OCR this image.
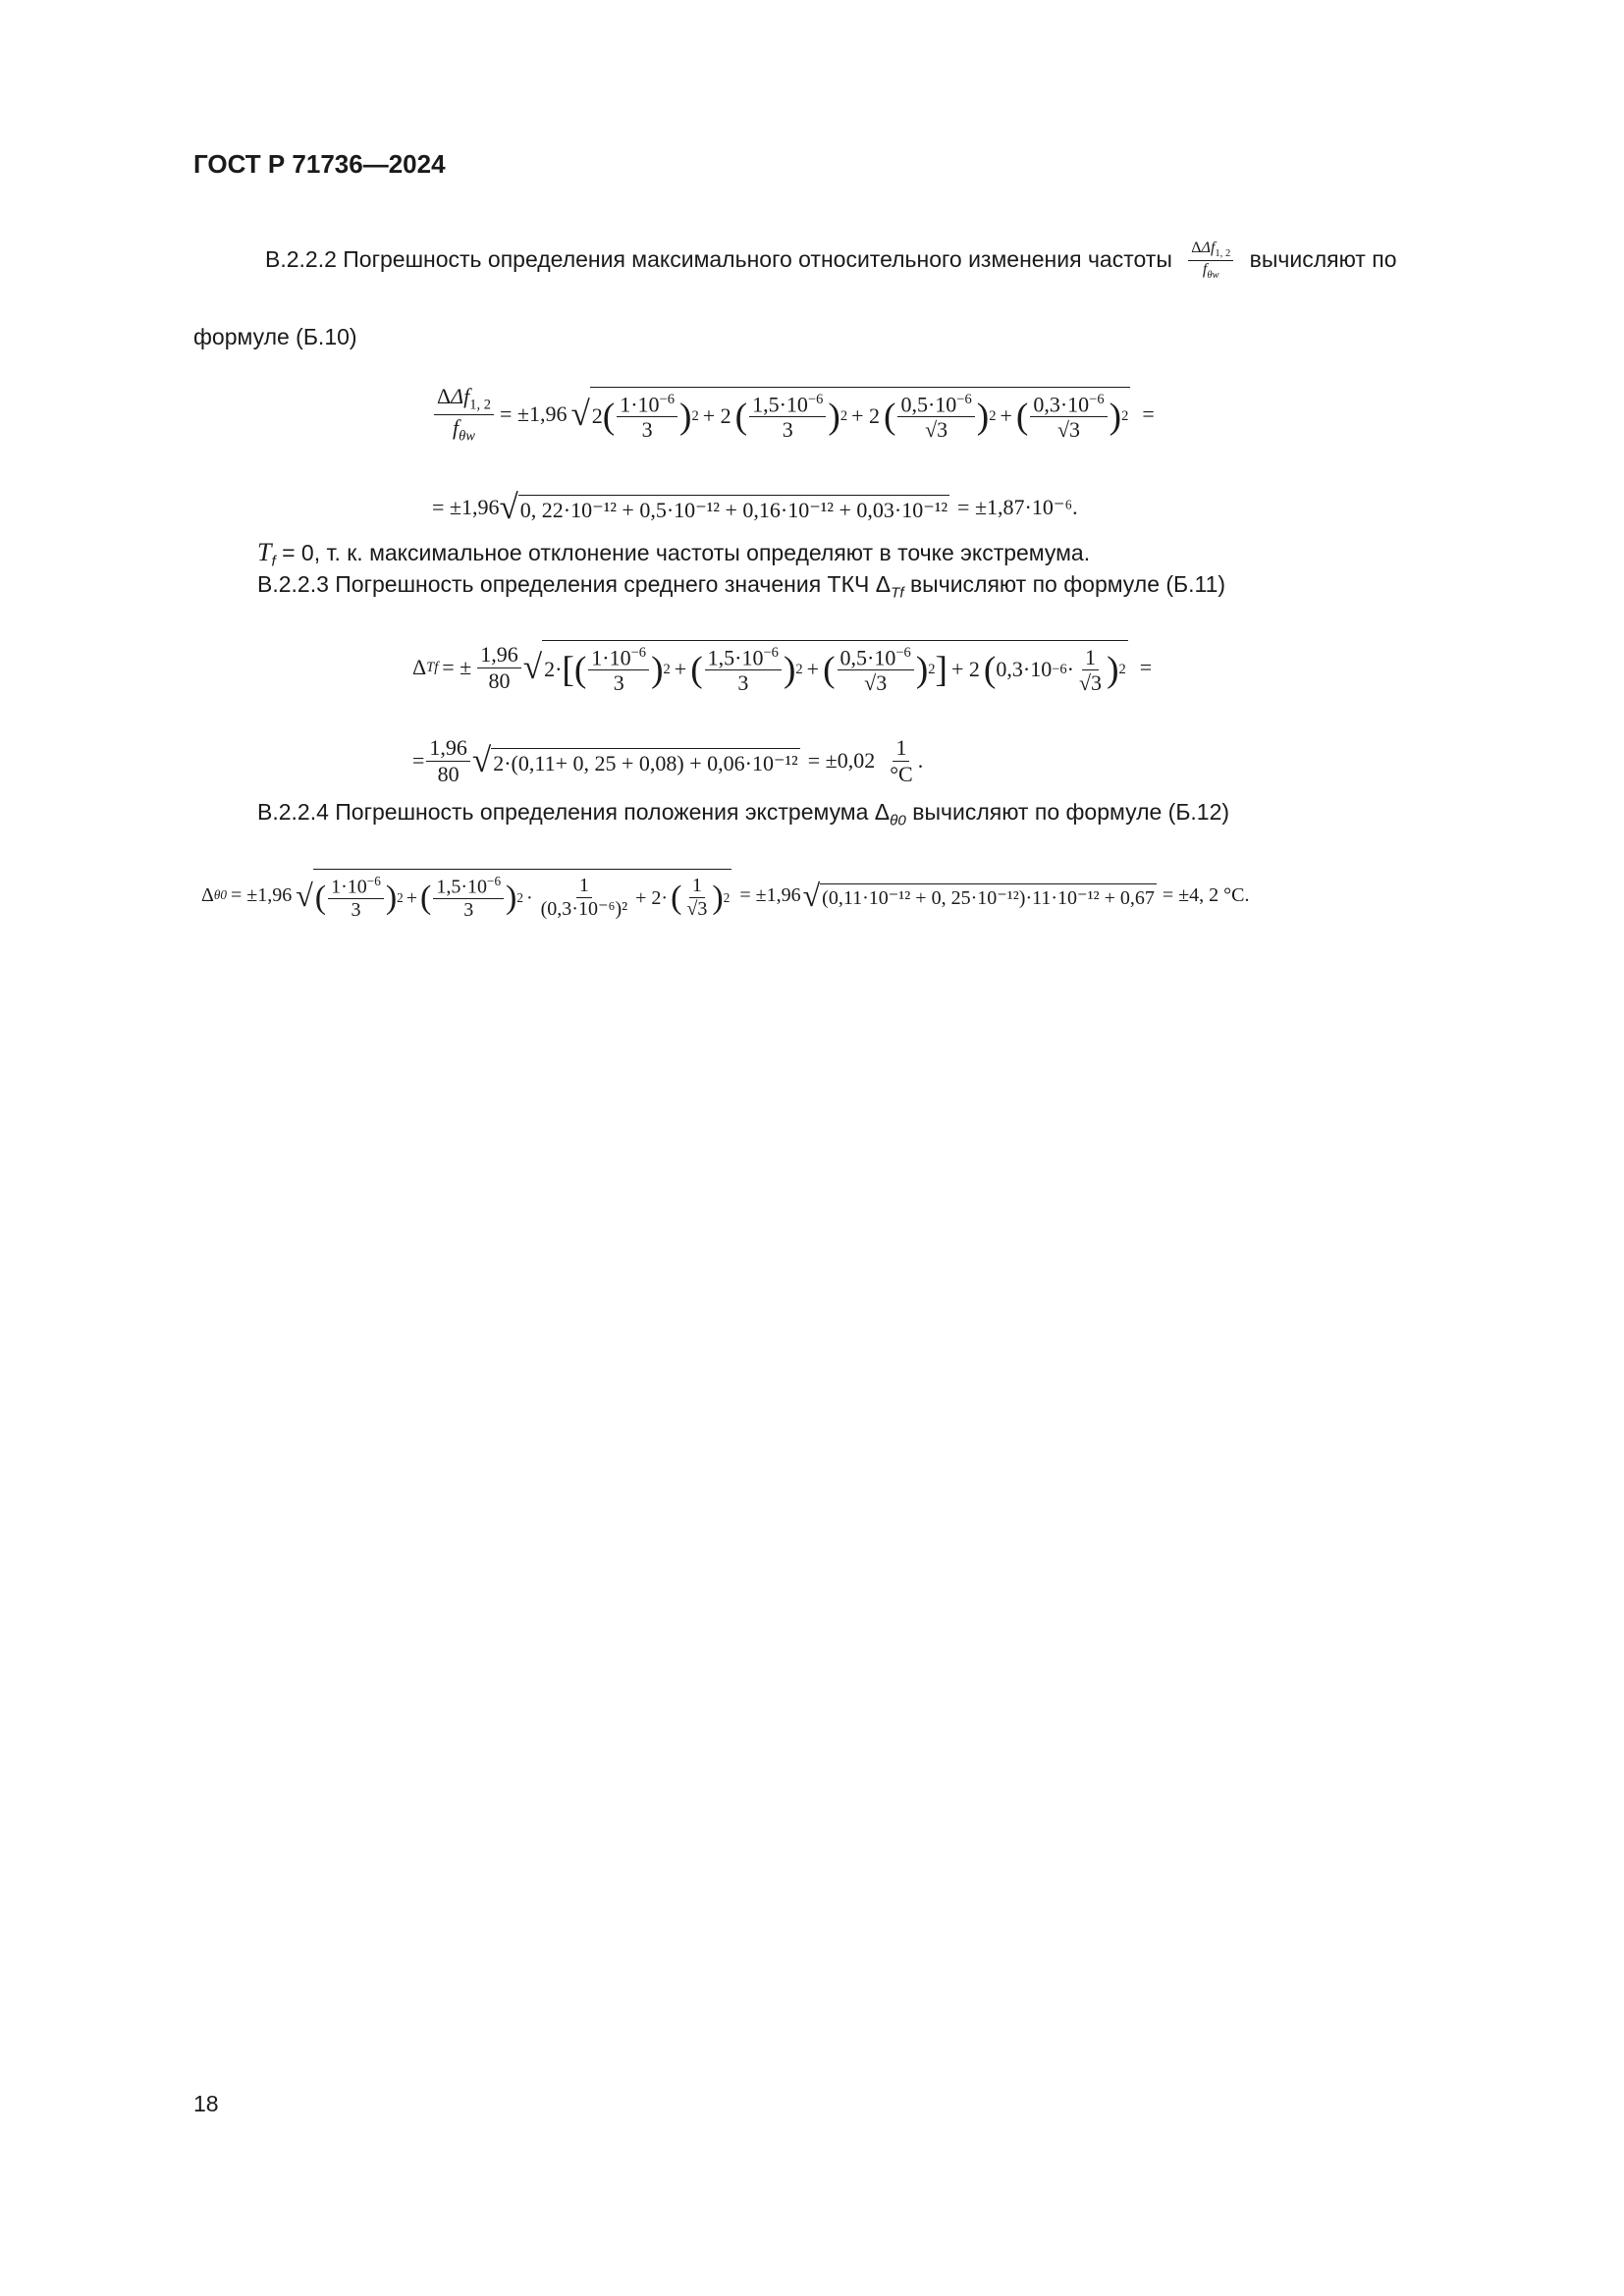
ГОСТ Р 71736—2024
В.2.2.2 Погрешность определения максимального относительного изменения частоты ΔΔf$_{1, 2}$
$f_{\theta w}$
вычисляют по
формуле (Б.10)
ΔΔf$_{1, 2}$
$f_{\theta w}$
= ±1,96 √ 2 ( $1\cdot 10^{-6}$
3 ) 2 + 2 ( $1,5\cdot 10^{-6}$
3 ) 2 + 2 ( $0,5\cdot 10^{-6}$
√3 ) 2 + ( $0,3\cdot 10^{-6}$
√3 ) 2 =
= ±1,96 √ 0, 22·10⁻¹² + 0,5·10⁻¹² + 0,16·10⁻¹² + 0,03·10⁻¹² = ±1,87·10⁻⁶.
$T_f = 0$, т. к. максимальное отклонение частоты определяют в точке экстремума.
В.2.2.3 Погрешность определения среднего значения ТКЧ $\Delta_{Tf}$ вычисляют по формуле (Б.11)
Δ Tf = ± $\frac{1,96}{80}$ √ 2· [ ( $1\cdot 10^{-6}$
3 ) 2 + ( $1,5\cdot 10^{-6}$
3 ) 2 + ( $0,5\cdot 10^{-6}$
√3 ) 2 ] + 2 ( $0,3\cdot 10 -6 \cdot \frac{1}{√3}$ ) 2 =
= $\frac{1,96}{80}$ √ 2·(0,11+ 0, 25 + 0,08) + 0,06·10⁻¹² = ±0,02
1
°С
.
В.2.2.4 Погрешность определения положения экстремума $\Delta_{\theta 0}$ вычисляют по формуле (Б.12)
Δ θ0 = ±1,96 √ ( $1\cdot 10^{-6}$
3 ) 2 + ( $1,5\cdot 10^{-6}$
3 ) $2 \cdot \frac{1}{\text{(0,3·10⁻⁶)²}} + 2\cdot$ ( $\frac{1}{√3}$ ) 2 = ±1,96 √ (0,11·10⁻¹² + 0, 25·10⁻¹²)·11·10⁻¹² + 0,67 = ±4, 2 °С.
18
